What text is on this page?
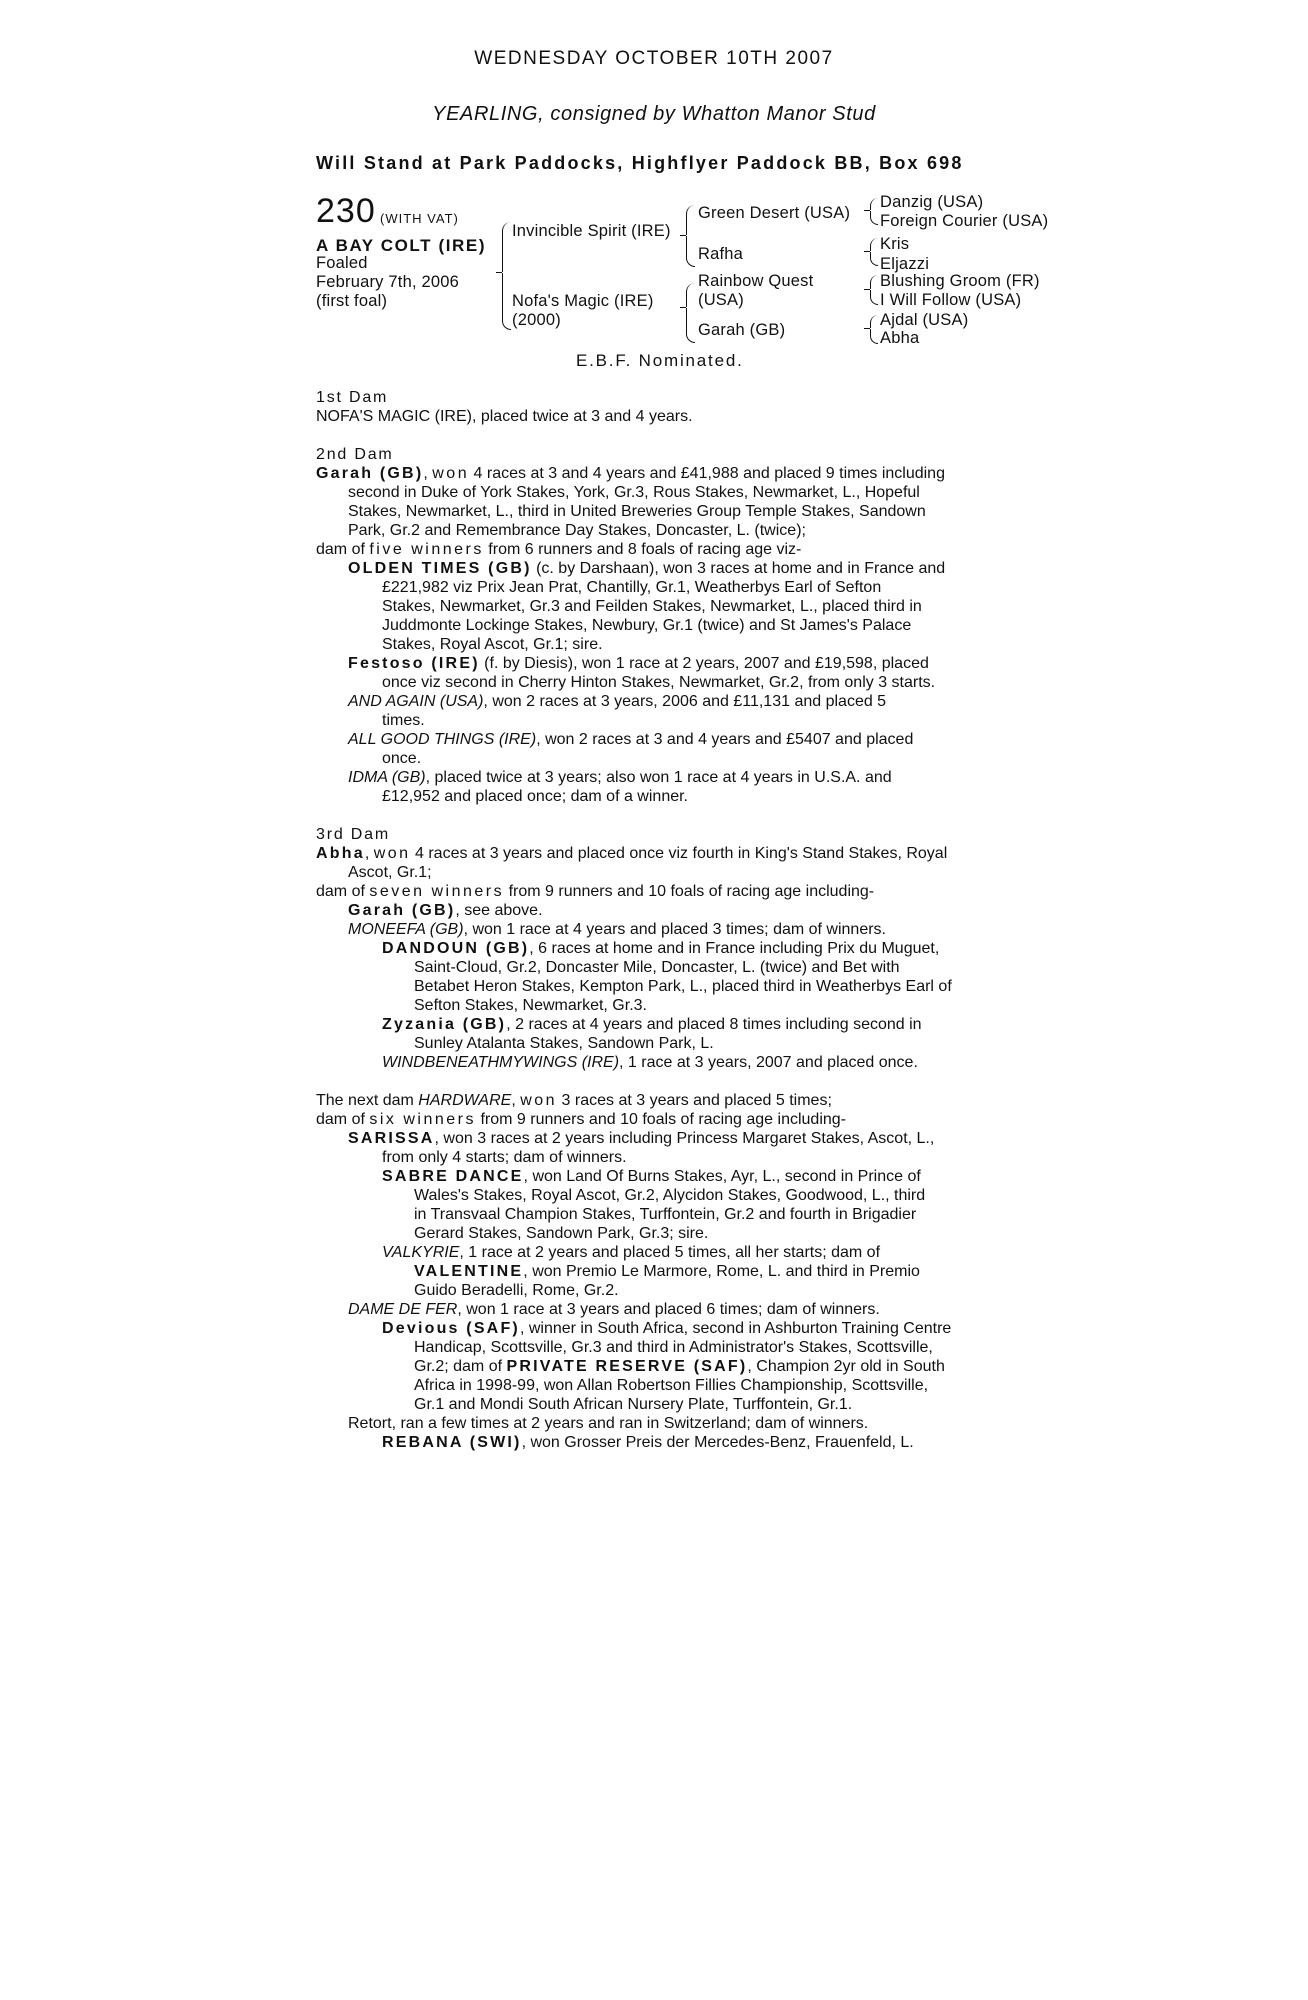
WEDNESDAY OCTOBER 10TH 2007
YEARLING, consigned by Whatton Manor Stud
Will Stand at Park Paddocks, Highflyer Paddock BB, Box 698
230 (WITH VAT)
A BAY COLT (IRE)
Foaled
February 7th, 2006
(first foal)
Invincible Spirit (IRE)
Nofa's Magic (IRE)
(2000)
Green Desert (USA)
Rafha
Rainbow Quest
(USA)
Garah (GB)
Danzig (USA)
Foreign Courier (USA)
Kris
Eljazzi
Blushing Groom (FR)
I Will Follow (USA)
Ajdal (USA)
Abha
E.B.F. Nominated.

1st Dam

NOFA'S MAGIC (IRE), placed twice at 3 and 4 years.

2nd Dam

Garah (GB), won 4 races at 3 and 4 years and £41,988 and placed 9 times including

second in Duke of York Stakes, York, Gr.3, Rous Stakes, Newmarket, L., Hopeful

Stakes, Newmarket, L., third in United Breweries Group Temple Stakes, Sandown

Park, Gr.2 and Remembrance Day Stakes, Doncaster, L. (twice);

dam of five winners from 6 runners and 8 foals of racing age viz-

OLDEN TIMES (GB) (c. by Darshaan), won 3 races at home and in France and

£221,982 viz Prix Jean Prat, Chantilly, Gr.1, Weatherbys Earl of Sefton

Stakes, Newmarket, Gr.3 and Feilden Stakes, Newmarket, L., placed third in

Juddmonte Lockinge Stakes, Newbury, Gr.1 (twice) and St James's Palace

Stakes, Royal Ascot, Gr.1; sire.

Festoso (IRE) (f. by Diesis), won 1 race at 2 years, 2007 and £19,598, placed

once viz second in Cherry Hinton Stakes, Newmarket, Gr.2, from only 3 starts.

AND AGAIN (USA), won 2 races at 3 years, 2006 and £11,131 and placed 5

times.

ALL GOOD THINGS (IRE), won 2 races at 3 and 4 years and £5407 and placed

once.

IDMA (GB), placed twice at 3 years; also won 1 race at 4 years in U.S.A. and

£12,952 and placed once; dam of a winner.

3rd Dam

Abha, won 4 races at 3 years and placed once viz fourth in King's Stand Stakes, Royal

Ascot, Gr.1;

dam of seven winners from 9 runners and 10 foals of racing age including-

Garah (GB), see above.

MONEEFA (GB), won 1 race at 4 years and placed 3 times; dam of winners.

DANDOUN (GB), 6 races at home and in France including Prix du Muguet,

Saint-Cloud, Gr.2, Doncaster Mile, Doncaster, L. (twice) and Bet with

Betabet Heron Stakes, Kempton Park, L., placed third in Weatherbys Earl of

Sefton Stakes, Newmarket, Gr.3.

Zyzania (GB), 2 races at 4 years and placed 8 times including second in

Sunley Atalanta Stakes, Sandown Park, L.

WINDBENEATHMYWINGS (IRE), 1 race at 3 years, 2007 and placed once.

The next dam HARDWARE, won 3 races at 3 years and placed 5 times;

dam of six winners from 9 runners and 10 foals of racing age including-

SARISSA, won 3 races at 2 years including Princess Margaret Stakes, Ascot, L.,

from only 4 starts; dam of winners.

SABRE DANCE, won Land Of Burns Stakes, Ayr, L., second in Prince of

Wales's Stakes, Royal Ascot, Gr.2, Alycidon Stakes, Goodwood, L., third

in Transvaal Champion Stakes, Turffontein, Gr.2 and fourth in Brigadier

Gerard Stakes, Sandown Park, Gr.3; sire.

VALKYRIE, 1 race at 2 years and placed 5 times, all her starts; dam of

VALENTINE, won Premio Le Marmore, Rome, L. and third in Premio

Guido Beradelli, Rome, Gr.2.

DAME DE FER, won 1 race at 3 years and placed 6 times; dam of winners.

Devious (SAF), winner in South Africa, second in Ashburton Training Centre

Handicap, Scottsville, Gr.3 and third in Administrator's Stakes, Scottsville,

Gr.2; dam of PRIVATE RESERVE (SAF), Champion 2yr old in South

Africa in 1998-99, won Allan Robertson Fillies Championship, Scottsville,

Gr.1 and Mondi South African Nursery Plate, Turffontein, Gr.1.

Retort, ran a few times at 2 years and ran in Switzerland; dam of winners.

REBANA (SWI), won Grosser Preis der Mercedes-Benz, Frauenfeld, L.
